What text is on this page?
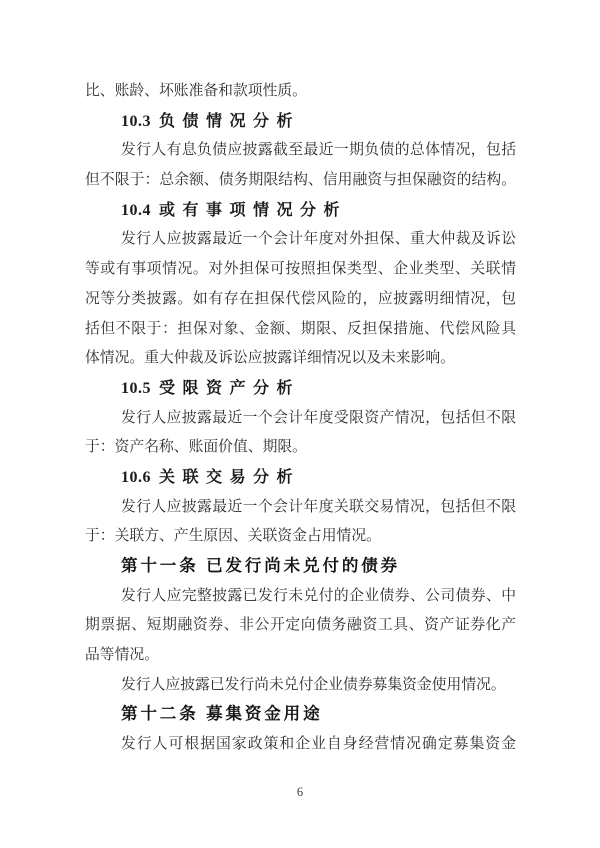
比、账龄、坏账准备和款项性质。

10.3 负债情况分析

发行人有息负债应披露截至最近一期负债的总体情况，包括

但不限于：总余额、债务期限结构、信用融资与担保融资的结构。

10.4 或有事项情况分析

发行人应披露最近一个会计年度对外担保、重大仲裁及诉讼

等或有事项情况。对外担保可按照担保类型、企业类型、关联情

况等分类披露。如有存在担保代偿风险的，应披露明细情况，包

括但不限于：担保对象、金额、期限、反担保措施、代偿风险具

体情况。重大仲裁及诉讼应披露详细情况以及未来影响。

10.5 受限资产分析

发行人应披露最近一个会计年度受限资产情况，包括但不限

于：资产名称、账面价值、期限。

10.6 关联交易分析

发行人应披露最近一个会计年度关联交易情况，包括但不限

于：关联方、产生原因、关联资金占用情况。

第十一条 已发行尚未兑付的债券

发行人应完整披露已发行未兑付的企业债券、公司债券、中

期票据、短期融资券、非公开定向债务融资工具、资产证券化产

品等情况。

发行人应披露已发行尚未兑付企业债券募集资金使用情况。

第十二条 募集资金用途

发行人可根据国家政策和企业自身经营情况确定募集资金

6
